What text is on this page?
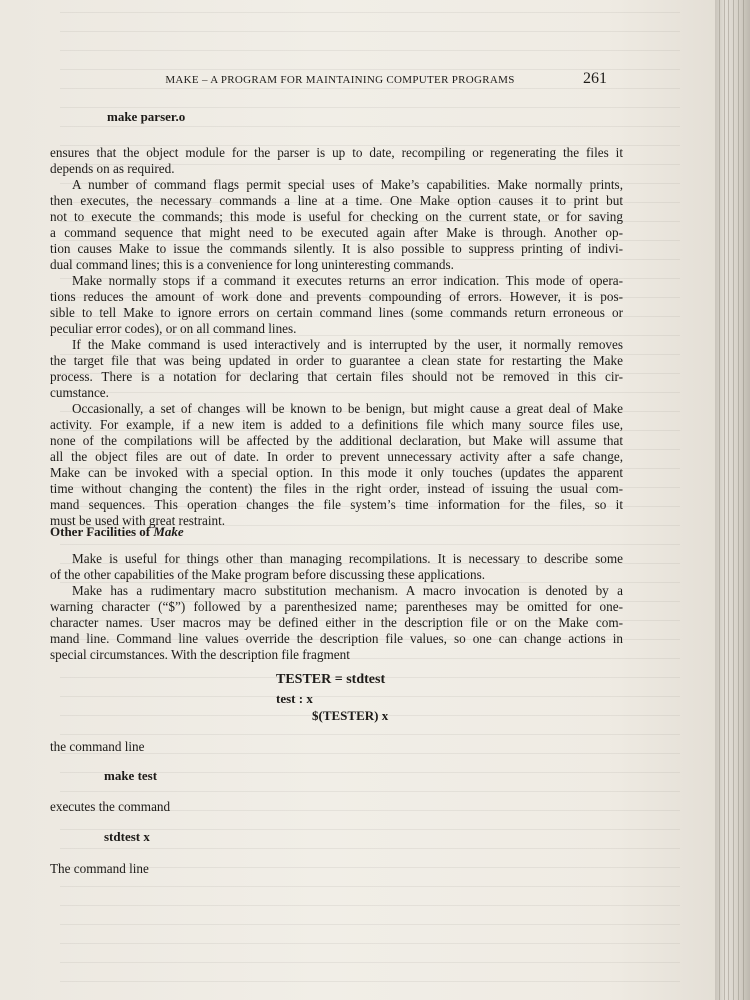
MAKE – A PROGRAM FOR MAINTAINING COMPUTER PROGRAMS	261
make parser.o
ensures that the object module for the parser is up to date, recompiling or regenerating the files it
depends on as required.
A number of command flags permit special uses of Make’s capabilities. Make normally prints,
then executes, the necessary commands a line at a time. One Make option causes it to print but
not to execute the commands; this mode is useful for checking on the current state, or for saving
a command sequence that might need to be executed again after Make is through. Another op-
tion causes Make to issue the commands silently. It is also possible to suppress printing of indivi-
dual command lines; this is a convenience for long uninteresting commands.
Make normally stops if a command it executes returns an error indication. This mode of opera-
tions reduces the amount of work done and prevents compounding of errors. However, it is pos-
sible to tell Make to ignore errors on certain command lines (some commands return erroneous or
peculiar error codes), or on all command lines.
If the Make command is used interactively and is interrupted by the user, it normally removes
the target file that was being updated in order to guarantee a clean state for restarting the Make
process. There is a notation for declaring that certain files should not be removed in this cir-
cumstance.
Occasionally, a set of changes will be known to be benign, but might cause a great deal of Make
activity. For example, if a new item is added to a definitions file which many source files use,
none of the compilations will be affected by the additional declaration, but Make will assume that
all the object files are out of date. In order to prevent unnecessary activity after a safe change,
Make can be invoked with a special option. In this mode it only touches (updates the apparent
time without changing the content) the files in the right order, instead of issuing the usual com-
mand sequences. This operation changes the file system’s time information for the files, so it
must be used with great restraint.
Other Facilities of Make
Make is useful for things other than managing recompilations. It is necessary to describe some
of the other capabilities of the Make program before discussing these applications.
Make has a rudimentary macro substitution mechanism. A macro invocation is denoted by a
warning character (“$”) followed by a parenthesized name; parentheses may be omitted for one-
character names. User macros may be defined either in the description file or on the Make com-
mand line. Command line values override the description file values, so one can change actions in
special circumstances. With the description file fragment
TESTER = stdtest
test : x
$(TESTER) x
the command line
make test
executes the command
stdtest x
The command line
